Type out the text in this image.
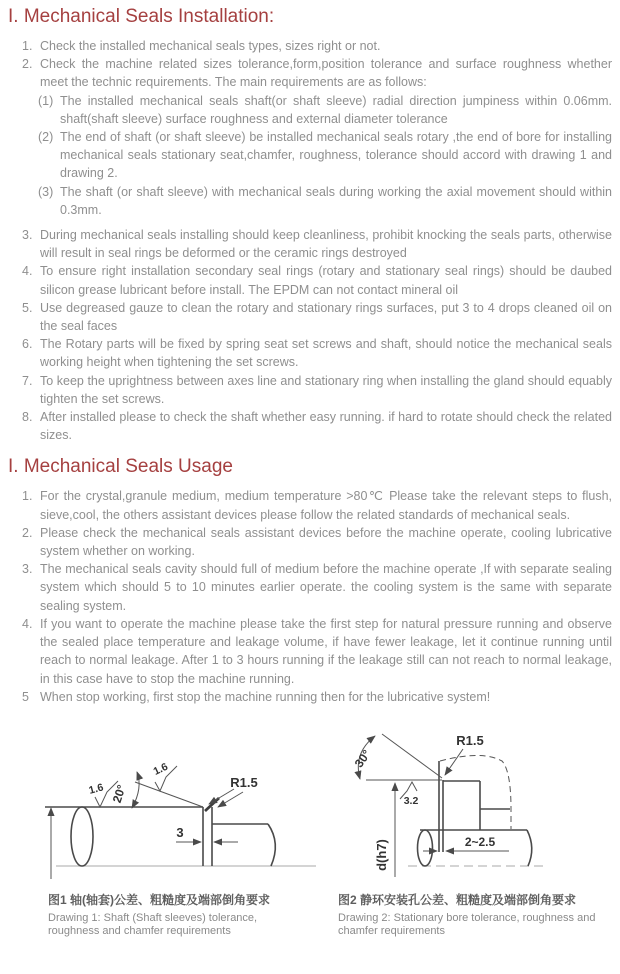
I. Mechanical Seals Installation:
1. Check the installed mechanical seals types, sizes right or not.
2. Check the machine related sizes tolerance,form,position tolerance and surface roughness whether meet the technic requirements. The main requirements are as follows:
(1) The installed mechanical seals shaft(or shaft sleeve) radial direction jumpiness within 0.06mm. shaft(shaft sleeve) surface roughness and external diameter tolerance
(2) The end of shaft (or shaft sleeve) be installed mechanical seals rotary ,the end of bore for installing mechanical seals stationary seat,chamfer, roughness, tolerance should accord with drawing 1 and drawing 2.
(3) The shaft (or shaft sleeve) with mechanical seals during working the axial movement should within 0.3mm.
3. During mechanical seals installing should keep cleanliness, prohibit knocking the seals parts, otherwise will result in seal rings be deformed or the ceramic rings destroyed
4. To ensure right installation secondary seal rings (rotary and stationary seal rings) should be daubed silicon grease lubricant before install. The EPDM can not contact mineral oil
5. Use degreased gauze to clean the rotary and stationary rings surfaces, put 3 to 4 drops cleaned oil on the seal faces
6. The Rotary parts will be fixed by spring seat set screws and shaft, should notice the mechanical seals working height when tightening the set screws.
7. To keep the uprightness between axes line and stationary ring when installing the gland should equably tighten the set screws.
8. After installed please to check the shaft whether easy running. if hard to rotate should check the related sizes.
I. Mechanical Seals Usage
1. For the crystal,granule medium, medium temperature >80℃ Please take the relevant steps to flush, sieve,cool, the others assistant devices please follow the related standards of mechanical seals.
2. Please check the mechanical seals assistant devices before the machine operate, cooling lubricative system whether on working.
3. The mechanical seals cavity should full of medium before the machine operate ,If with separate sealing system which should 5 to 10 minutes earlier operate. the cooling system is the same with separate sealing system.
4. If you want to operate the machine please take the first step for natural pressure running and observe the sealed place temperature and leakage volume, if have fewer leakage, let it continue running until reach to normal leakage. After 1 to 3 hours running if the leakage still can not reach to normal leakage, in this case have to stop the machine running.
5 When stop working, first stop the machine running then for the lubricative system!
3
1.6 20°
1.6
R1.5
图1 轴(轴套)公差、粗糙度及端部倒角要求
Drawing 1: Shaft (Shaft sleeves) tolerance, roughness and chamfer requirements
30°
3.2
d(h7)
R1.5
2~2.5
图2 静环安装孔公差、粗糙度及端部倒角要求
Drawing 2: Stationary bore tolerance, roughness and chamfer requirements
